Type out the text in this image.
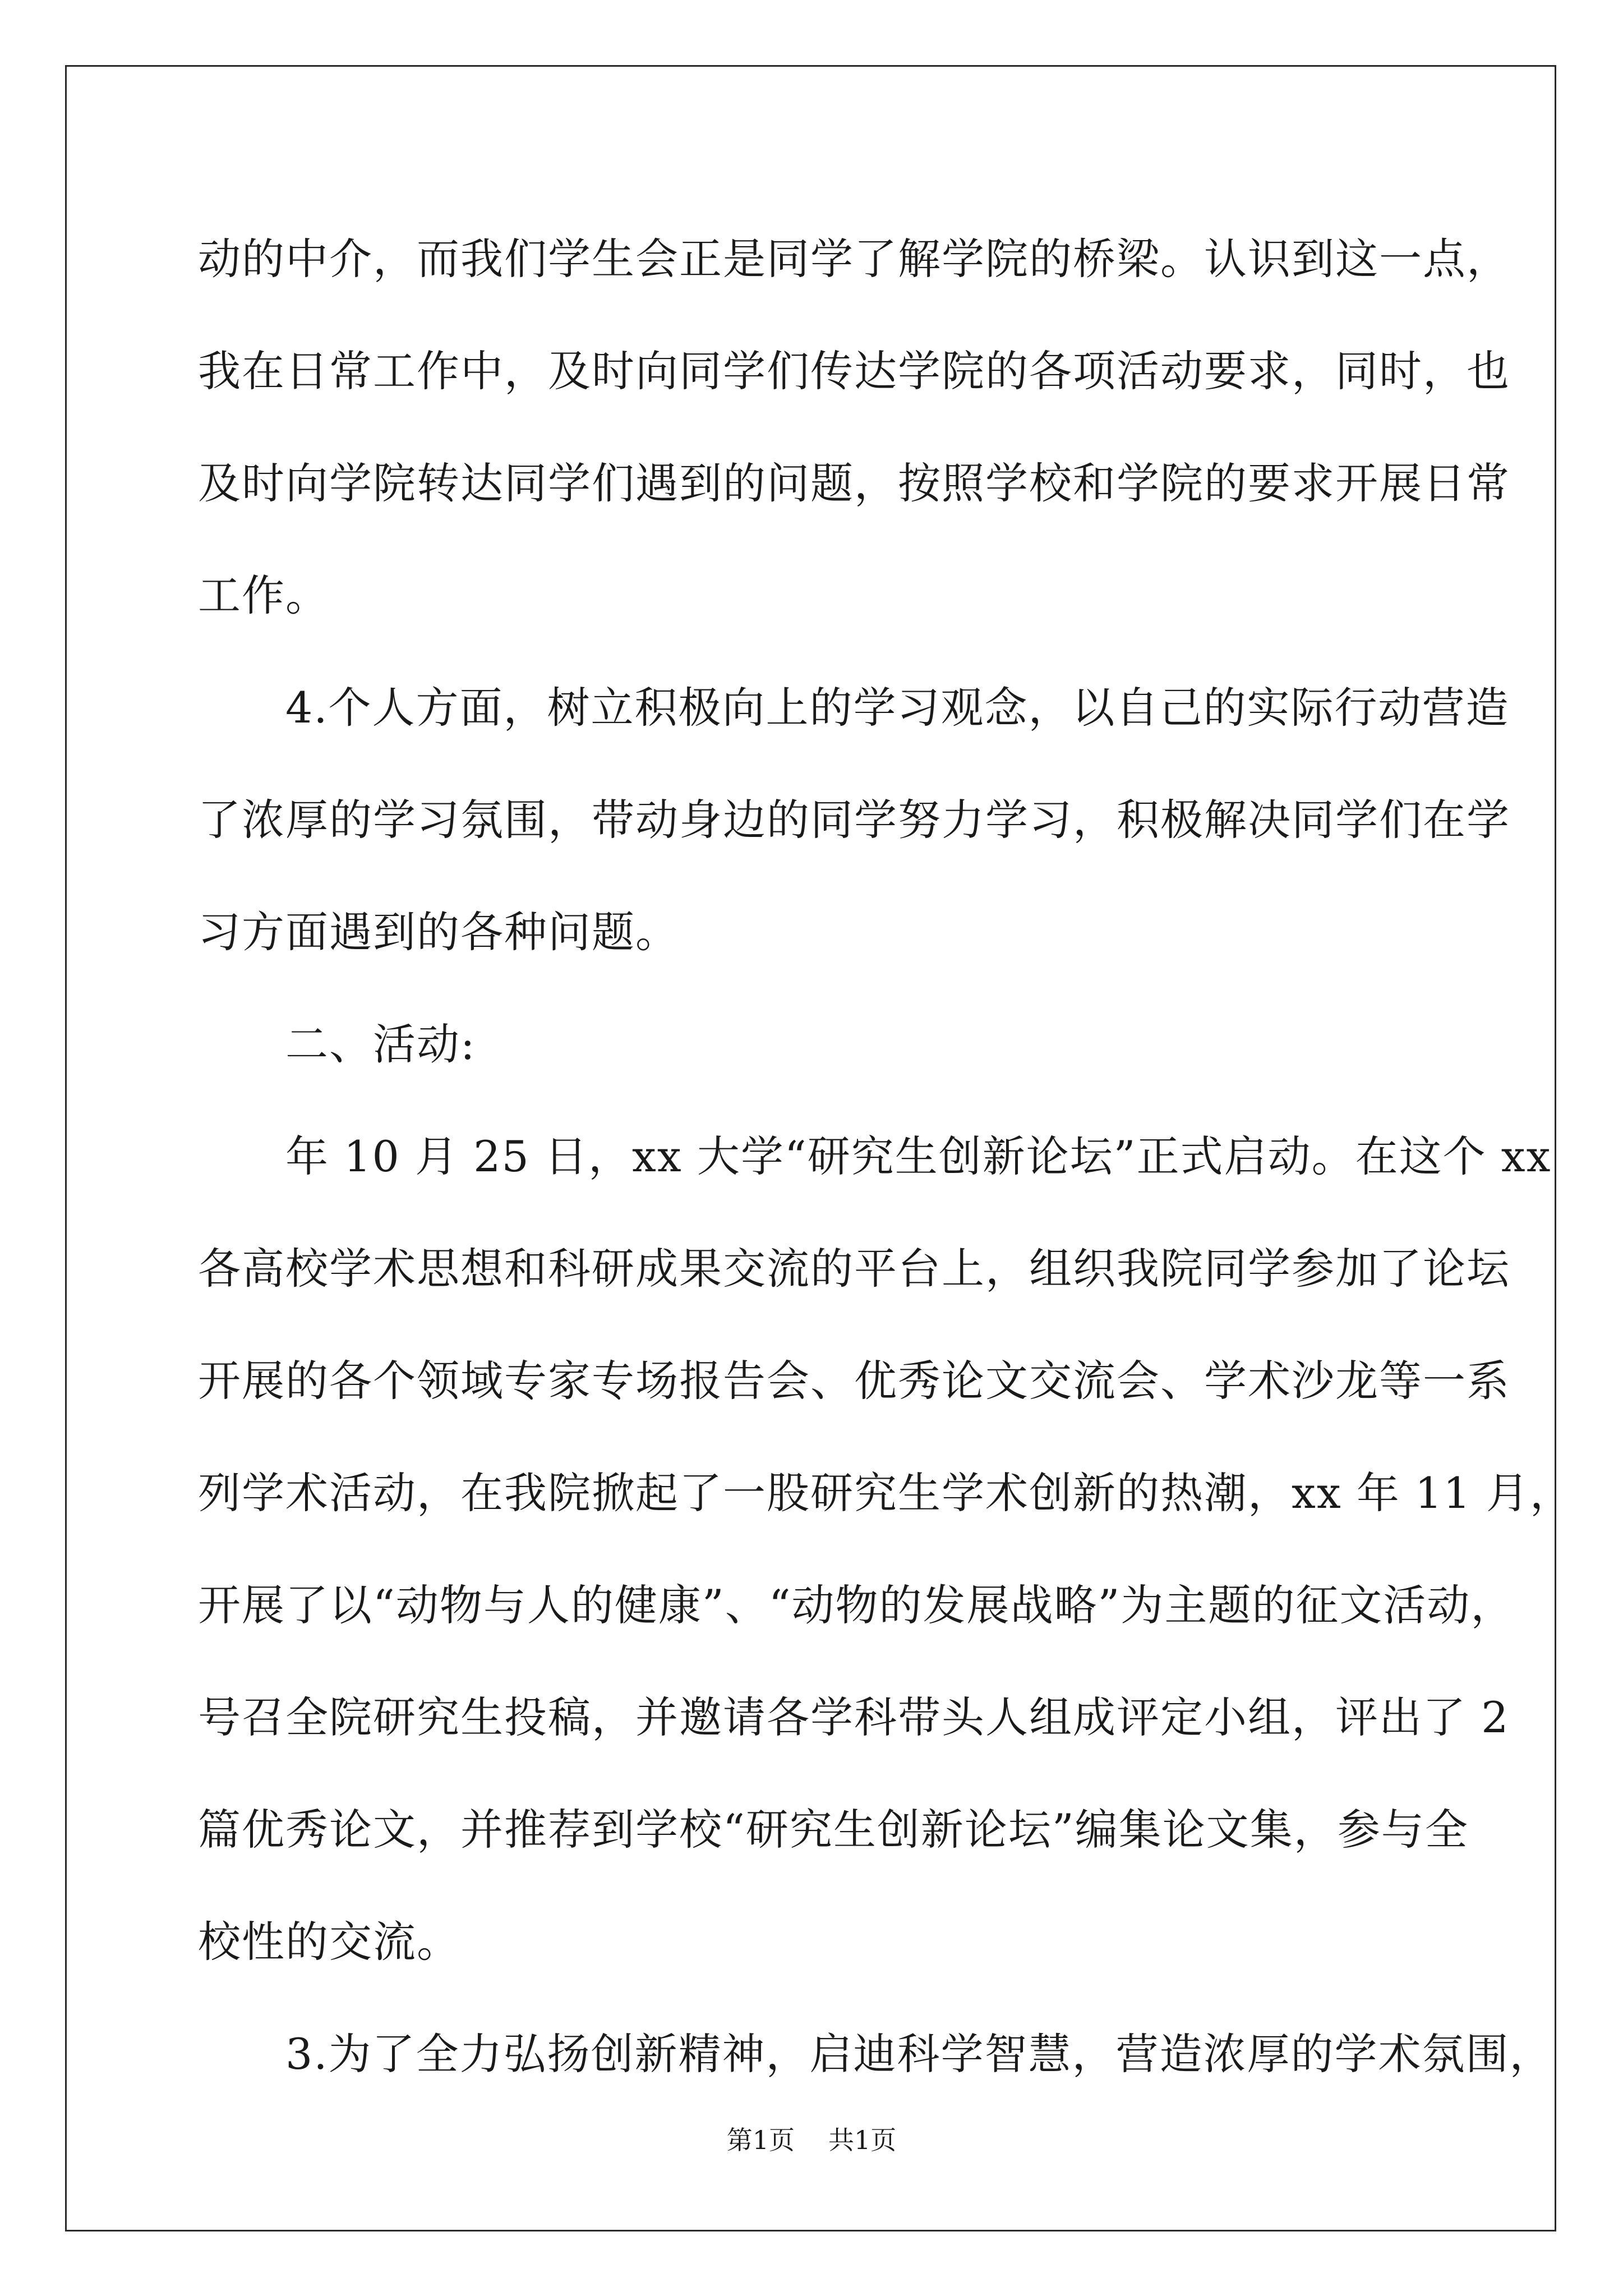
动的中介，而我们学生会正是同学了解学院的桥梁。认识到这一点，
我在日常工作中，及时向同学们传达学院的各项活动要求，同时，也
及时向学院转达同学们遇到的问题，按照学校和学院的要求开展日常
工作。
　　4.个人方面，树立积极向上的学习观念，以自己的实际行动营造
了浓厚的学习氛围，带动身边的同学努力学习，积极解决同学们在学
习方面遇到的各种问题。
　　二、活动:
　　年 10 月 25 日，xx 大学“研究生创新论坛”正式启动。在这个 xx
各高校学术思想和科研成果交流的平台上，组织我院同学参加了论坛
开展的各个领域专家专场报告会、优秀论文交流会、学术沙龙等一系
列学术活动，在我院掀起了一股研究生学术创新的热潮，xx 年 11 月，
开展了以“动物与人的健康”、“动物的发展战略”为主题的征文活动，
号召全院研究生投稿，并邀请各学科带头人组成评定小组，评出了 2
篇优秀论文，并推荐到学校“研究生创新论坛”编集论文集，参与全
校性的交流。
　　3.为了全力弘扬创新精神，启迪科学智慧，营造浓厚的学术氛围，
第1页 共1页
